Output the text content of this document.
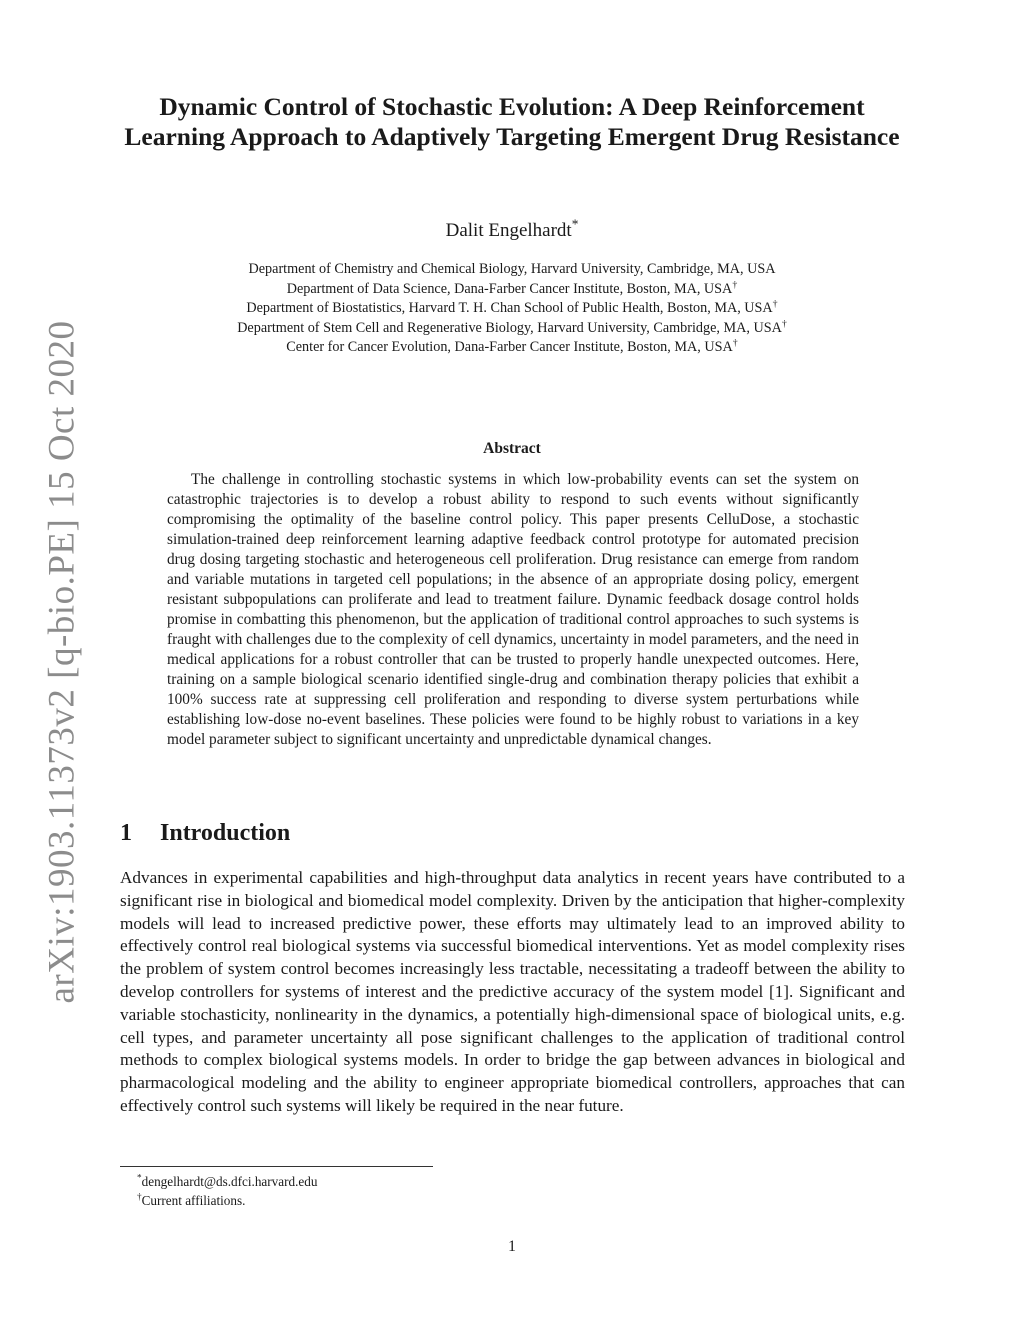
arXiv:1903.11373v2 [q-bio.PE] 15 Oct 2020
Dynamic Control of Stochastic Evolution: A Deep Reinforcement Learning Approach to Adaptively Targeting Emergent Drug Resistance
Dalit Engelhardt*
Department of Chemistry and Chemical Biology, Harvard University, Cambridge, MA, USA
Department of Data Science, Dana-Farber Cancer Institute, Boston, MA, USA†
Department of Biostatistics, Harvard T. H. Chan School of Public Health, Boston, MA, USA†
Department of Stem Cell and Regenerative Biology, Harvard University, Cambridge, MA, USA†
Center for Cancer Evolution, Dana-Farber Cancer Institute, Boston, MA, USA†
Abstract

The challenge in controlling stochastic systems in which low-probability events can set the system on catastrophic trajectories is to develop a robust ability to respond to such events without significantly compromising the optimality of the baseline control policy. This paper presents CelluDose, a stochastic simulation-trained deep reinforcement learning adaptive feedback control prototype for automated precision drug dosing targeting stochastic and heterogeneous cell proliferation. Drug resistance can emerge from random and variable mutations in targeted cell populations; in the absence of an appropriate dosing policy, emergent resistant subpopulations can proliferate and lead to treatment failure. Dynamic feedback dosage control holds promise in combatting this phenomenon, but the application of traditional control approaches to such systems is fraught with challenges due to the complexity of cell dynamics, uncertainty in model parameters, and the need in medical applications for a robust controller that can be trusted to properly handle unexpected outcomes. Here, training on a sample biological scenario identified single-drug and combination therapy policies that exhibit a 100% success rate at suppressing cell proliferation and responding to diverse system perturbations while establishing low-dose no-event baselines. These policies were found to be highly robust to variations in a key model parameter subject to significant uncertainty and unpredictable dynamical changes.

1 Introduction

Advances in experimental capabilities and high-throughput data analytics in recent years have contributed to a significant rise in biological and biomedical model complexity. Driven by the anticipation that higher-complexity models will lead to increased predictive power, these efforts may ultimately lead to an improved ability to effectively control real biological systems via successful biomedical interventions. Yet as model complexity rises the problem of system control becomes increasingly less tractable, necessitating a tradeoff between the ability to develop controllers for systems of interest and the predictive accuracy of the system model [1]. Significant and variable stochasticity, nonlinearity in the dynamics, a potentially high-dimensional space of biological units, e.g. cell types, and parameter uncertainty all pose significant challenges to the application of traditional control methods to complex biological systems models. In order to bridge the gap between advances in biological and pharmacological modeling and the ability to engineer appropriate biomedical controllers, approaches that can effectively control such systems will likely be required in the near future.

*dengelhardt@ds.dfci.harvard.edu
†Current affiliations.
1
